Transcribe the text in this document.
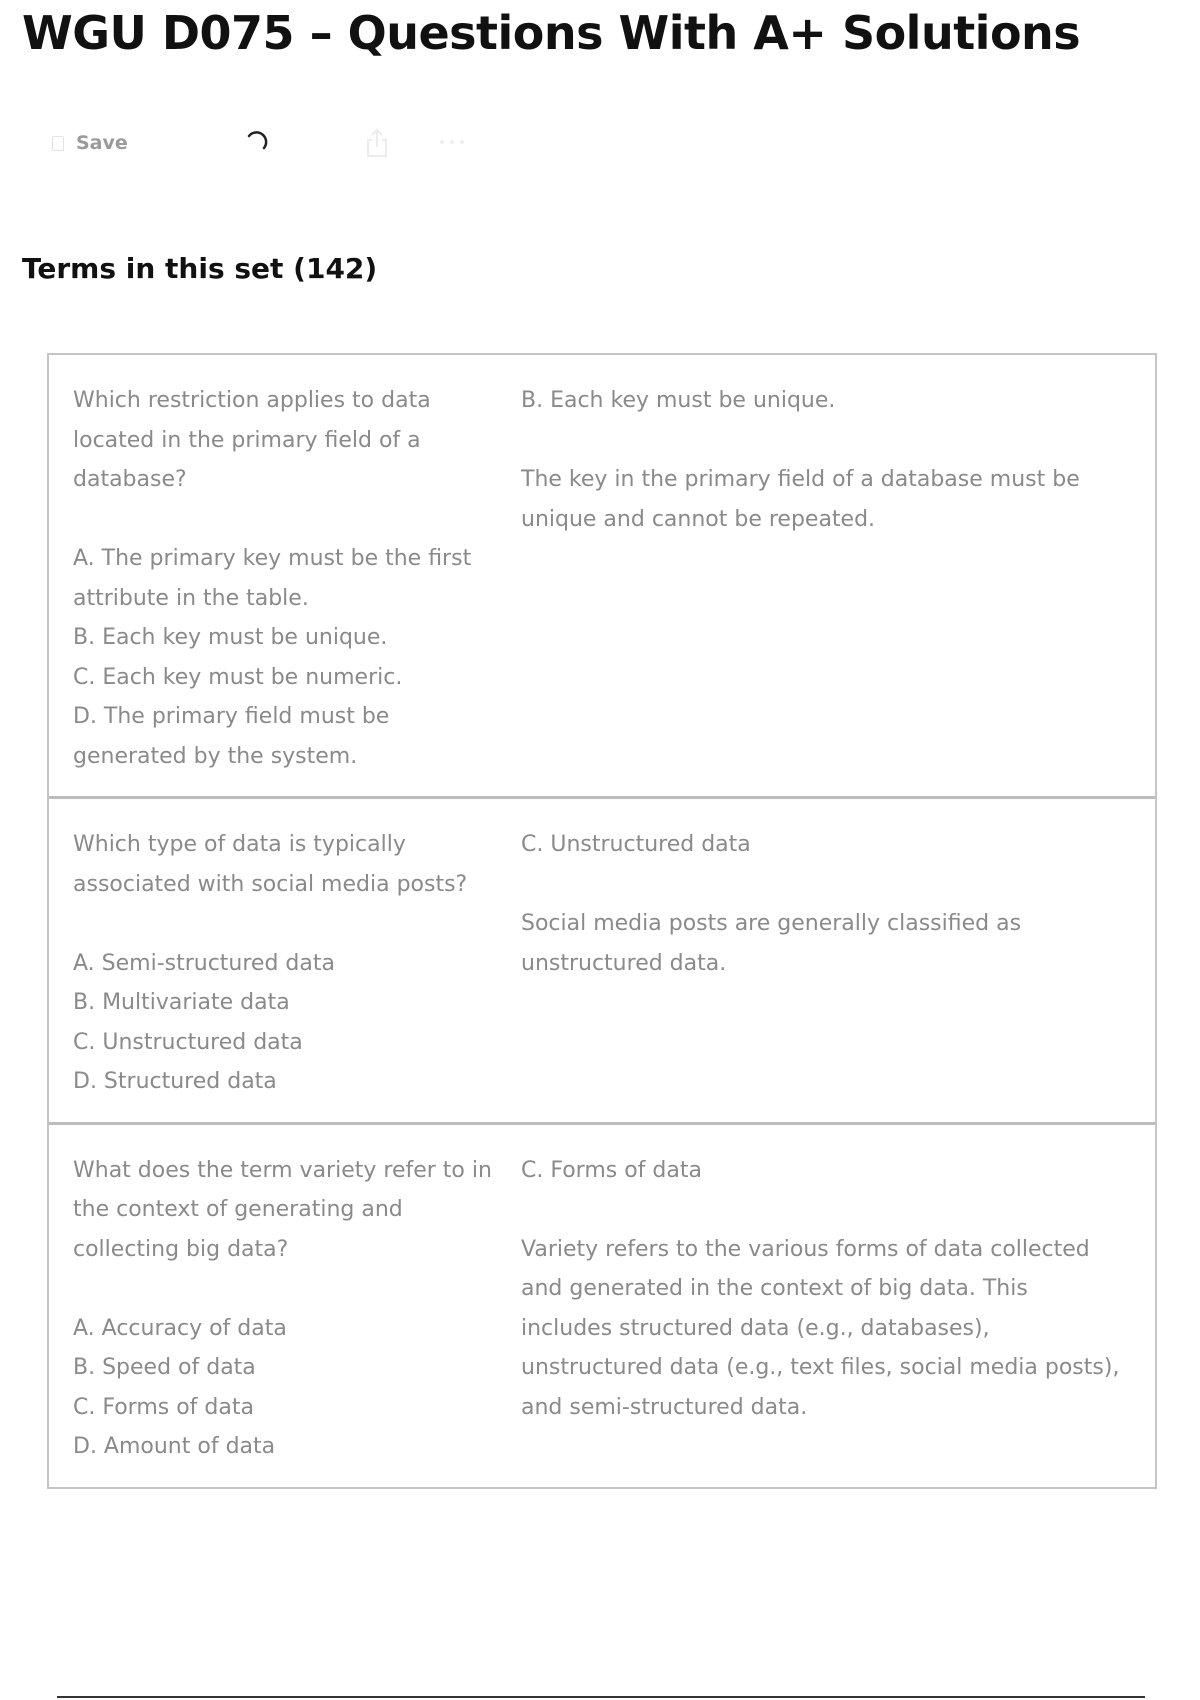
WGU D075 – Questions With A+ Solutions
Save
Terms in this set (142)
Which restriction applies to data
located in the primary field of a
database?
A. The primary key must be the first
attribute in the table.
B. Each key must be unique.
C. Each key must be numeric.
D. The primary field must be
generated by the system.
B. Each key must be unique.
The key in the primary field of a database must be
unique and cannot be repeated.
Which type of data is typically
associated with social media posts?
A. Semi-structured data
B. Multivariate data
C. Unstructured data
D. Structured data
C. Unstructured data
Social media posts are generally classified as
unstructured data.
What does the term variety refer to in
the context of generating and
collecting big data?
A. Accuracy of data
B. Speed of data
C. Forms of data
D. Amount of data
C. Forms of data
Variety refers to the various forms of data collected
and generated in the context of big data. This
includes structured data (e.g., databases),
unstructured data (e.g., text files, social media posts),
and semi-structured data.
